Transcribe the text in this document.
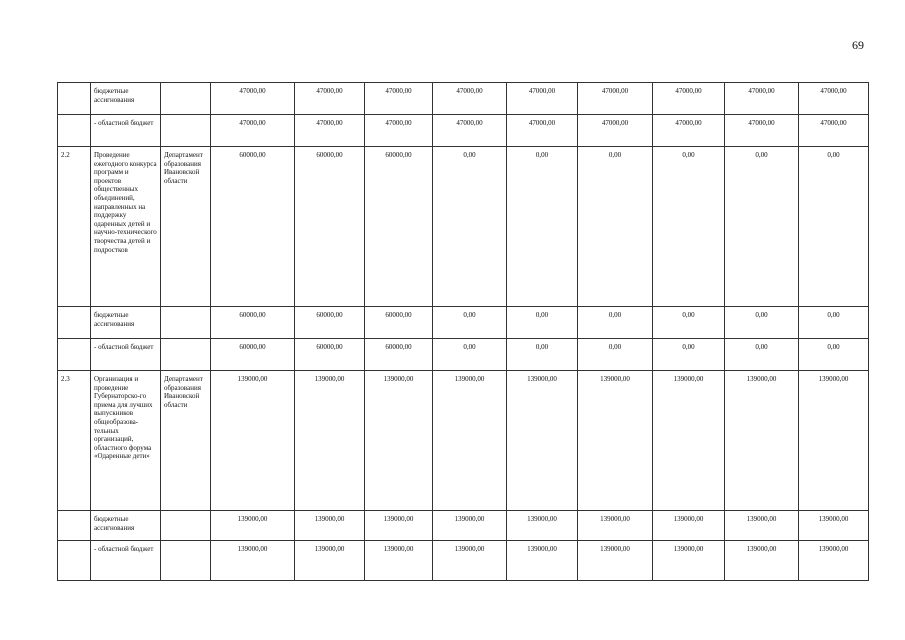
69
	бюджетные ассигнования		47000,00	47000,00	47000,00	47000,00	47000,00	47000,00	47000,00	47000,00	47000,00
	- областной бюджет		47000,00	47000,00	47000,00	47000,00	47000,00	47000,00	47000,00	47000,00	47000,00
2.2	Проведение ежегодного конкурса программ и проектов общественных объединений, направленных на поддержку одаренных детей и научно-технического творчества детей и подростков	Департамент образования Ивановской области	60000,00	60000,00	60000,00	0,00	0,00	0,00	0,00	0,00	0,00
	бюджетные ассигнования		60000,00	60000,00	60000,00	0,00	0,00	0,00	0,00	0,00	0,00
	- областной бюджет		60000,00	60000,00	60000,00	0,00	0,00	0,00	0,00	0,00	0,00
2.3	Организация и проведение Губернаторско-го приема для лучших выпускников общеобразова-тельных организаций, областного форума «Одаренные дети»	Департамент образования Ивановской области	139000,00	139000,00	139000,00	139000,00	139000,00	139000,00	139000,00	139000,00	139000,00
	бюджетные ассигнования		139000,00	139000,00	139000,00	139000,00	139000,00	139000,00	139000,00	139000,00	139000,00
	- областной бюджет		139000,00	139000,00	139000,00	139000,00	139000,00	139000,00	139000,00	139000,00	139000,00
